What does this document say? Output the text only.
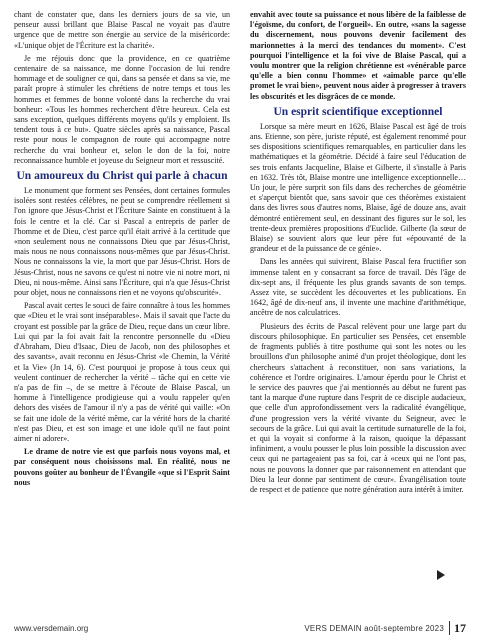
chant de constater que, dans les derniers jours de sa vie, un penseur aussi brillant que Blaise Pascal ne voyait pas d'autre urgence que de mettre son énergie au service de la miséricorde: «L'unique objet de l'Écriture est la charité».

Je me réjouis donc que la providence, en ce quatrième centenaire de sa naissance, me donne l'occasion de lui rendre hommage et de souligner ce qui, dans sa pensée et dans sa vie, me paraît propre à stimuler les chrétiens de notre temps et tous les hommes et femmes de bonne volonté dans la recherche du vrai bonheur: «Tous les hommes recherchent d'être heureux. Cela est sans exception, quelques différents moyens qu'ils y emploient. Ils tendent tous à ce but». Quatre siècles après sa naissance, Pascal reste pour nous le compagnon de route qui accompagne notre recherche du vrai bonheur et, selon le don de la foi, notre reconnaissance humble et joyeuse du Seigneur mort et ressuscité.

Un amoureux du Christ qui parle à chacun

Le monument que forment ses Pensées, dont certaines formules isolées sont restées célèbres, ne peut se comprendre réellement si l'on ignore que Jésus-Christ et l'Écriture Sainte en constituent à la fois le centre et la clé. Car si Pascal a entrepris de parler de l'homme et de Dieu, c'est parce qu'il était arrivé à la certitude que «non seulement nous ne connaissons Dieu que par Jésus-Christ, mais nous ne nous connaissons nous-mêmes que par Jésus-Christ. Nous ne connaissons la vie, la mort que par Jésus-Christ. Hors de Jésus-Christ, nous ne savons ce qu'est ni notre vie ni notre mort, ni Dieu, ni nous-même. Ainsi sans l'Écriture, qui n'a que Jésus-Christ pour objet, nous ne connaissons rien et ne voyons qu'obscurité».

Pascal avait certes le souci de faire connaître à tous les hommes que «Dieu et le vrai sont inséparables». Mais il savait que l'acte du croyant est possible par la grâce de Dieu, reçue dans un cœur libre. Lui qui par la foi avait fait la rencontre personnelle du «Dieu d'Abraham, Dieu d'Isaac, Dieu de Jacob, non des philosophes et des savants», avait reconnu en Jésus-Christ «le Chemin, la Vérité et la Vie» (Jn 14, 6). C'est pourquoi je propose à tous ceux qui veulent continuer de rechercher la vérité – tâche qui en cette vie n'a pas de fin –, de se mettre à l'écoute de Blaise Pascal, un homme à l'intelligence prodigieuse qui a voulu rappeler qu'en dehors des visées de l'amour il n'y a pas de vérité qui vaille: «On se fait une idole de la vérité même, car la vérité hors de la charité n'est pas Dieu, et est son image et une idole qu'il ne faut point aimer ni adorer».

Le drame de notre vie est que parfois nous voyons mal, et par conséquent nous choisissons mal. En réalité, nous ne pouvons goûter au bonheur de l'Évangile «que si l'Esprit Saint nous

envahit avec toute sa puissance et nous libère de la faiblesse de l'égoïsme, du confort, de l'orgueil». En outre, «sans la sagesse du discernement, nous pouvons devenir facilement des marionnettes à la merci des tendances du moment». C'est pourquoi l'intelligence et la foi vive de Blaise Pascal, qui a voulu montrer que la religion chrétienne est «vénérable parce qu'elle a bien connu l'homme» et «aimable parce qu'elle promet le vrai bien», peuvent nous aider à progresser à travers les obscurités et les disgrâces de ce monde.

Un esprit scientifique exceptionnel

Lorsque sa mère meurt en 1626, Blaise Pascal est âgé de trois ans. Etienne, son père, juriste réputé, est également renommé pour ses dispositions scientifiques remarquables, en particulier dans les mathématiques et la géométrie. Décidé à faire seul l'éducation de ses trois enfants Jacqueline, Blaise et Gilberte, il s'installe à Paris en 1632. Très tôt, Blaise montre une intelligence exceptionnelle… Un jour, le père surprit son fils dans des recherches de géométrie et s'aperçut bientôt que, sans savoir que ces théorèmes existaient dans des livres sous d'autres noms, Blaise, âgé de douze ans, avait démontré entièrement seul, en dessinant des figures sur le sol, les trente-deux premières propositions d'Euclide. Gilberte (la sœur de Blaise) se souvient alors que leur père fut «épouvanté de la grandeur et de la puissance de ce génie».

Dans les années qui suivirent, Blaise Pascal fera fructifier son immense talent en y consacrant sa force de travail. Dès l'âge de dix-sept ans, il fréquente les plus grands savants de son temps. Assez vite, se succèdent les découvertes et les publications. En 1642, âgé de dix-neuf ans, il invente une machine d'arithmétique, ancêtre de nos calculatrices.

Plusieurs des écrits de Pascal relèvent pour une large part du discours philosophique. En particulier ses Pensées, cet ensemble de fragments publiés à titre posthume qui sont les notes ou les brouillons d'un philosophe animé d'un projet théologique, dont les chercheurs s'attachent à reconstituer, non sans variations, la cohérence et l'ordre originaires. L'amour éperdu pour le Christ et le service des pauvres que j'ai mentionnés au début ne furent pas tant la marque d'une rupture dans l'esprit de ce disciple audacieux, que celle d'un approfondissement vers la radicalité évangélique, d'une progression vers la vérité vivante du Seigneur, avec le secours de la grâce. Lui qui avait la certitude surnaturelle de la foi, et qui la voyait si conforme à la raison, quoique la dépassant infiniment, a voulu pousser le plus loin possible la discussion avec ceux qui ne partageaient pas sa foi, car à «ceux qui ne l'ont pas, nous ne pouvons la donner que par raisonnement en attendant que Dieu la leur donne par sentiment de cœur». Évangélisation toute de respect et de patience que notre génération aura intérêt à imiter.

www.versdemain.org	VERS DEMAIN août-septembre 2023 17
